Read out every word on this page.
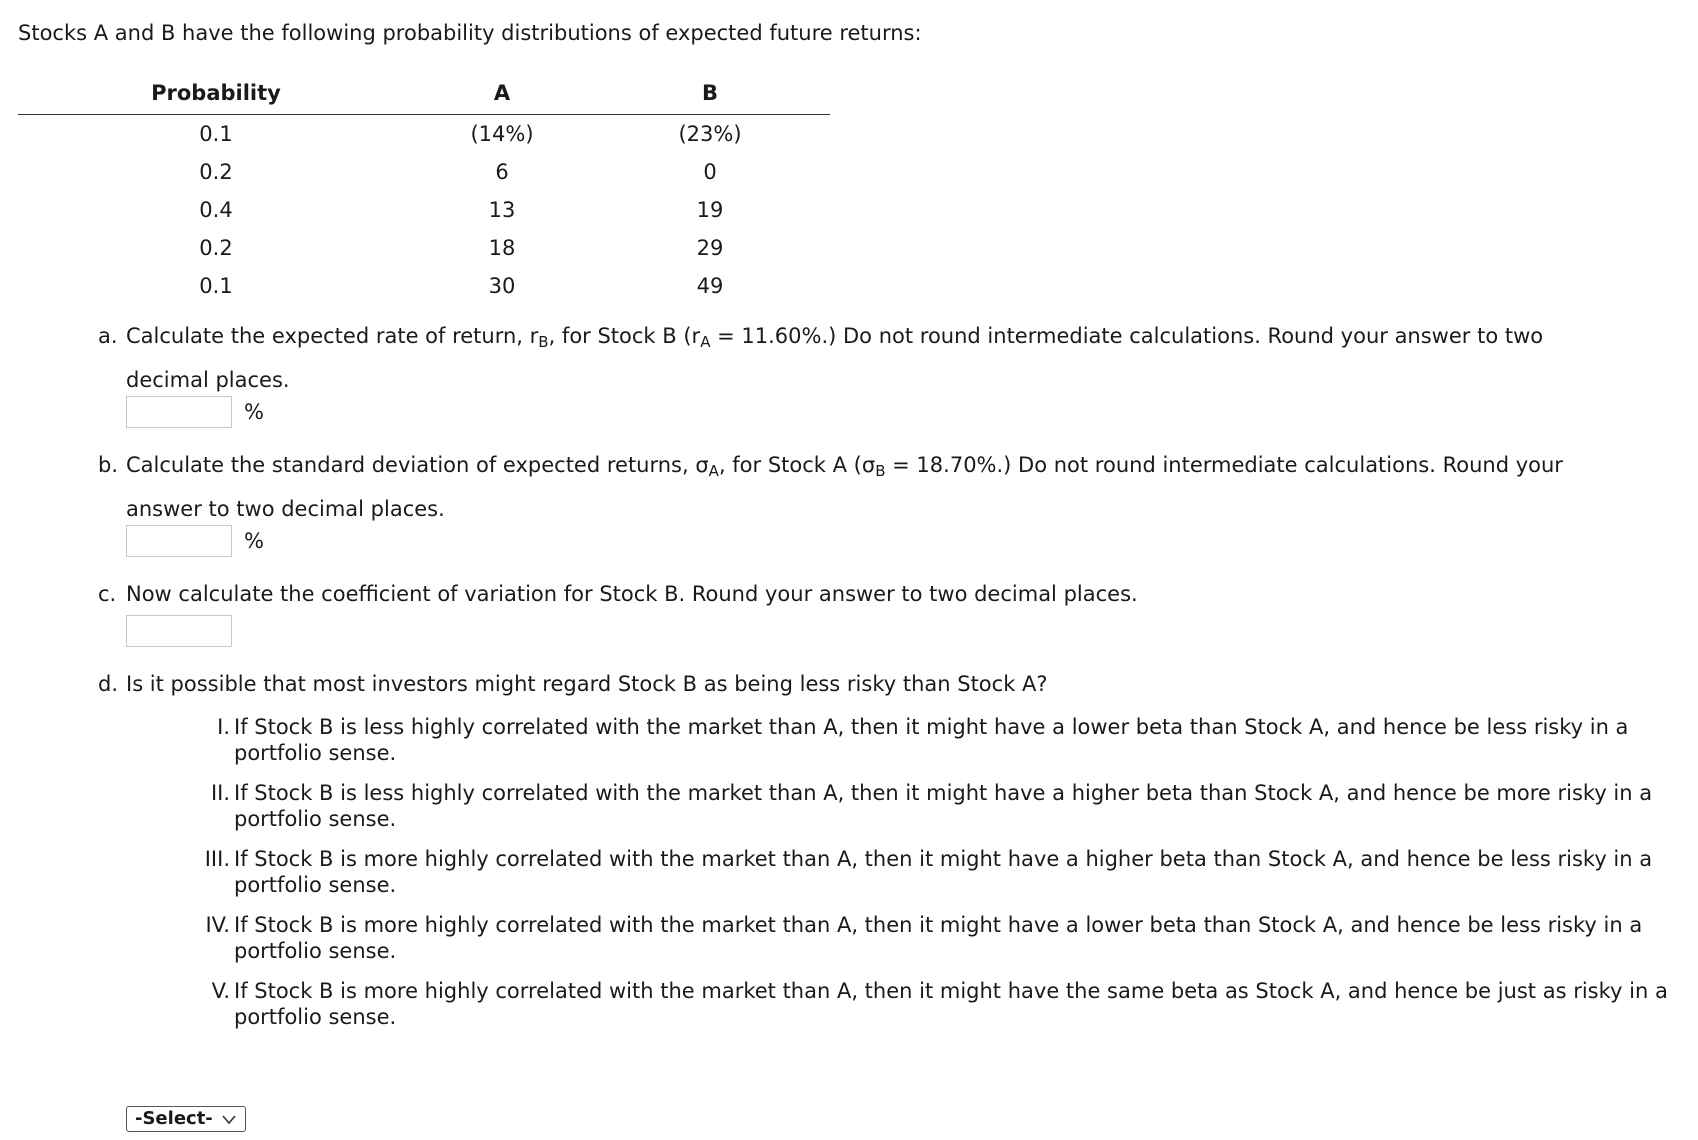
Stocks A and B have the following probability distributions of expected future returns:
Probability	A	B
0.1	(14%)	(23%)
0.2	6	0
0.4	13	19
0.2	18	29
0.1	30	49
a. Calculate the expected rate of return, $r_B$, for Stock B $(r_A = 11.60\%.)$ Do not round intermediate calculations. Round your answer to two
decimal places.
%
b. Calculate the standard deviation of expected returns, $\sigma_A$, for Stock A $(\sigma_B = 18.70\%.)$ Do not round intermediate calculations. Round your
answer to two decimal places.
%
c. Now calculate the coefficient of variation for Stock B. Round your answer to two decimal places.
d. Is it possible that most investors might regard Stock B as being less risky than Stock A?
I. If Stock B is less highly correlated with the market than A, then it might have a lower beta than Stock A, and hence be less risky in a portfolio sense.
II. If Stock B is less highly correlated with the market than A, then it might have a higher beta than Stock A, and hence be more risky in a portfolio sense.
III. If Stock B is more highly correlated with the market than A, then it might have a higher beta than Stock A, and hence be less risky in a portfolio sense.
IV. If Stock B is more highly correlated with the market than A, then it might have a lower beta than Stock A, and hence be less risky in a portfolio sense.
V. If Stock B is more highly correlated with the market than A, then it might have the same beta as Stock A, and hence be just as risky in a portfolio sense.
-Select-
